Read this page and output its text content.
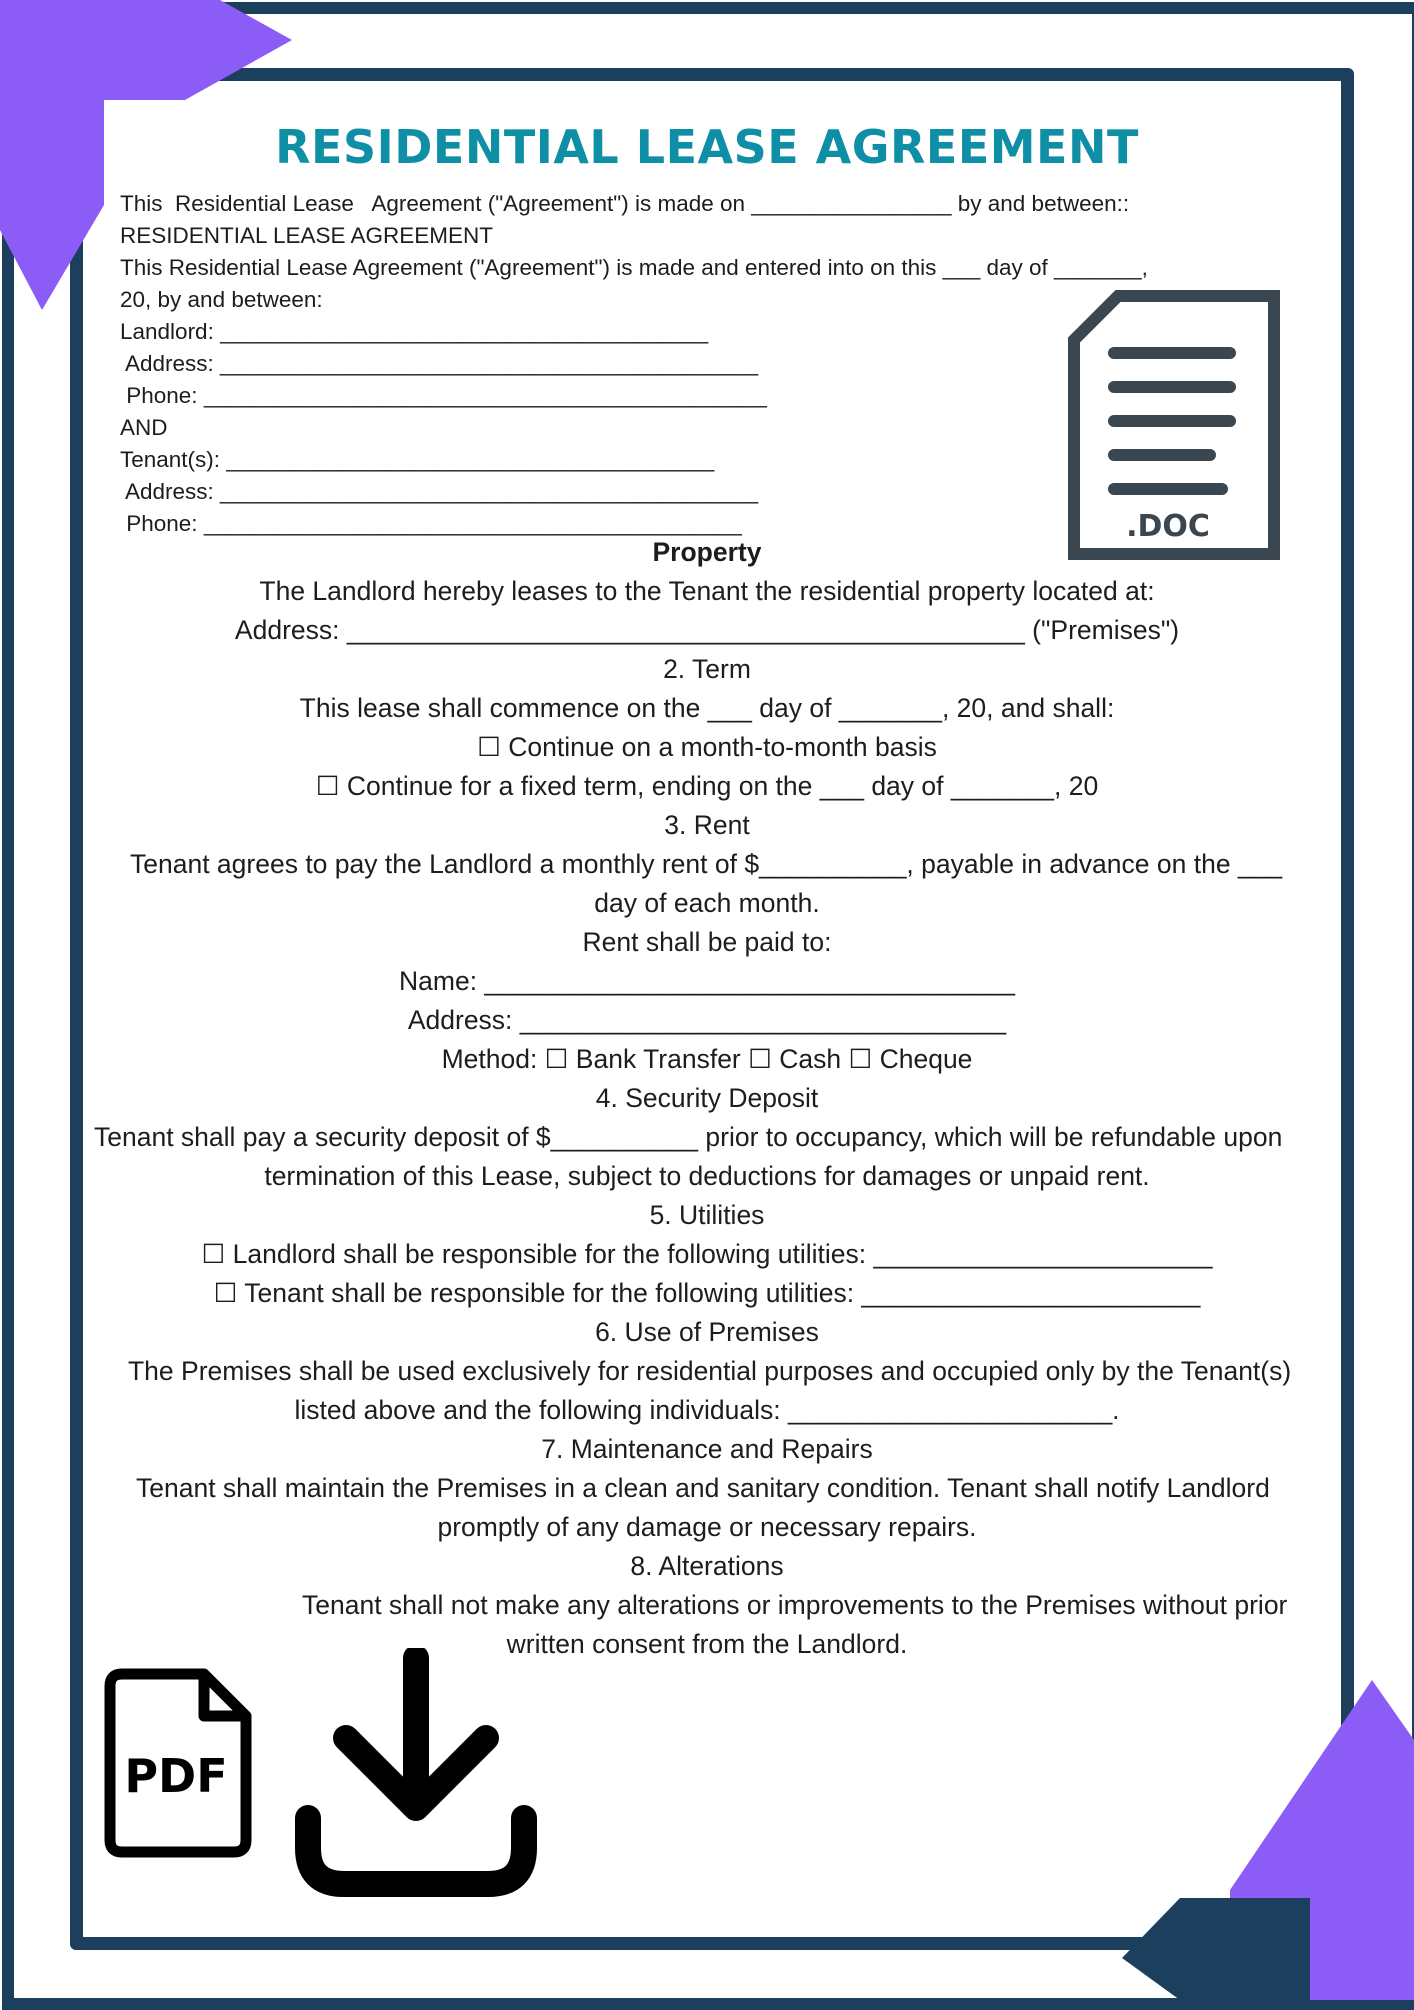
RESIDENTIAL LEASE AGREEMENT
This  Residential Lease   Agreement ("Agreement") is made on ________________ by and between::
RESIDENTIAL LEASE AGREEMENT
This Residential Lease Agreement ("Agreement") is made and entered into on this ___ day of _______,
20, by and between:
Landlord: _______________________________________
Address: ___________________________________________
Phone: _____________________________________________
AND
Tenant(s): _______________________________________
Address: ___________________________________________
Phone: ___________________________________________	.DOC
Property
The Landlord hereby leases to the Tenant the residential property located at:
Address: ______________________________________________ ("Premises")
2. Term
This lease shall commence on the ___ day of _______, 20, and shall:
☐ Continue on a month-to-month basis
☐ Continue for a fixed term, ending on the ___ day of _______, 20
3. Rent
Tenant agrees to pay the Landlord a monthly rent of $__________, payable in advance on the ___
day of each month.
Rent shall be paid to:
Name: ____________________________________
Address: _________________________________
Method: ☐ Bank Transfer ☐ Cash ☐ Cheque
4. Security Deposit
Tenant shall pay a security deposit of $__________ prior to occupancy, which will be refundable upon
termination of this Lease, subject to deductions for damages or unpaid rent.
5. Utilities
☐ Landlord shall be responsible for the following utilities: _______________________
☐ Tenant shall be responsible for the following utilities: _______________________
6. Use of Premises
The Premises shall be used exclusively for residential purposes and occupied only by the Tenant(s)
listed above and the following individuals: ______________________.
7. Maintenance and Repairs
Tenant shall maintain the Premises in a clean and sanitary condition. Tenant shall notify Landlord
promptly of any damage or necessary repairs.
8. Alterations
Tenant shall not make any alterations or improvements to the Premises without prior
written consent from the Landlord.
PDF
